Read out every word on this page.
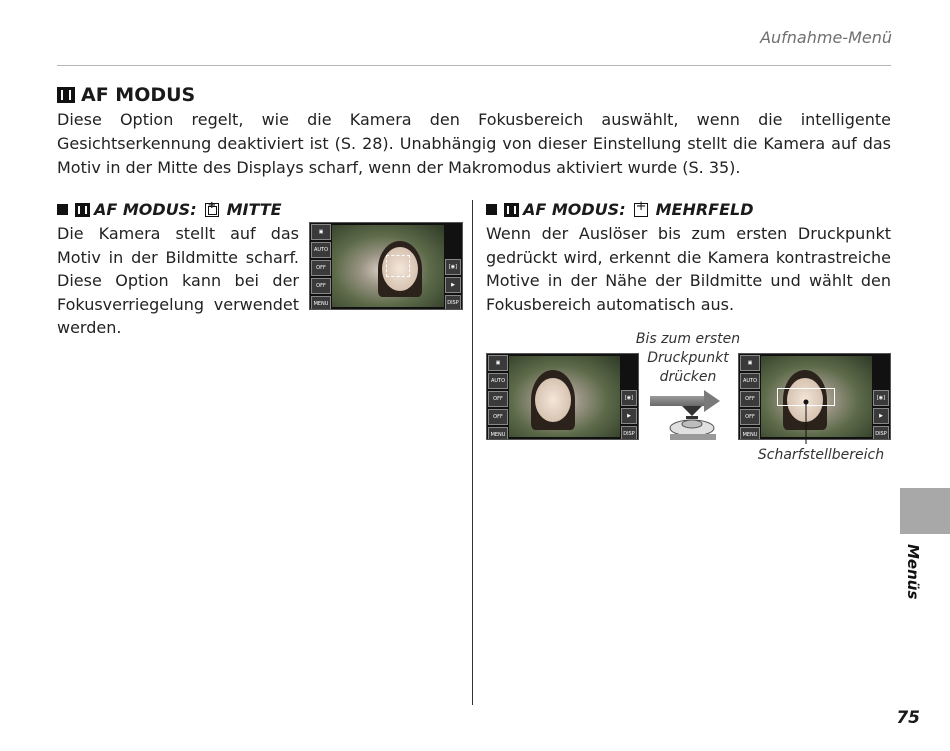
Aufnahme-Menü
AF MODUS
Diese Option regelt, wie die Kamera den Fokusbereich auswählt, wenn die intelligente Gesichtserkennung deaktiviert ist (S. 28). Unabhängig von dieser Einstellung stellt die Kamera auf das Motiv in der Mitte des Displays scharf, wenn der Makromodus aktiviert wurde (S. 35).
AF MODUS: + MITTE
Die Kamera stellt auf das Motiv in der Bildmitte scharf. Diese Option kann bei der Fokusverriegelung verwendet werden.
▣
AUTO
OFF
OFF
MENU
[◉]
▶
DISP
AF MODUS: + MEHRFELD
Wenn der Auslöser bis zum ersten Druckpunkt gedrückt wird, erkennt die Kamera kontrastreiche Motive in der Nähe der Bildmitte und wählt den Fokusbereich automatisch aus.
Bis zum ersten Druckpunkt drücken
▣
AUTO
OFF
OFF
MENU
[◉]
▶
DISP
▣
AUTO
OFF
OFF
MENU
[◉]
▶
DISP
Scharfstellbereich
Menüs
75
